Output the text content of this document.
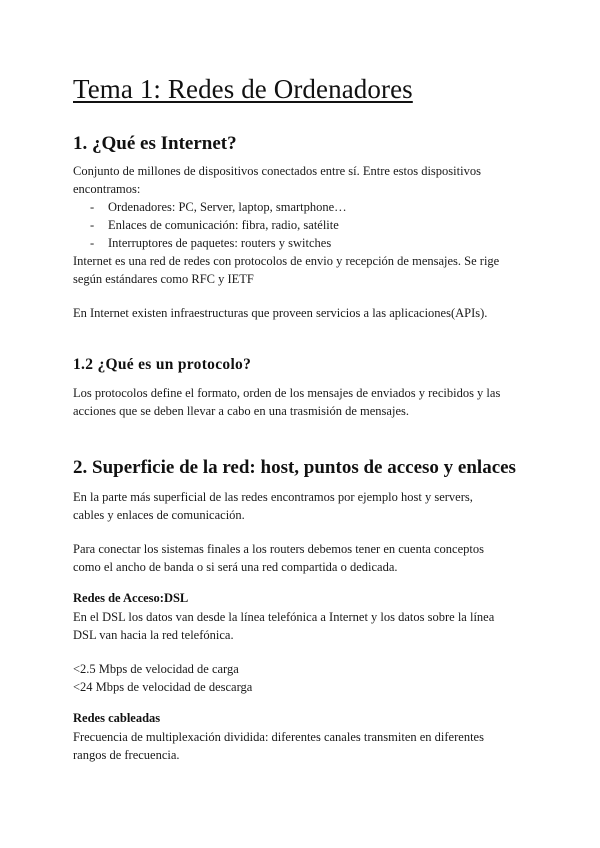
Tema 1: Redes de Ordenadores
1. ¿Qué es Internet?
Conjunto de millones de dispositivos conectados entre sí. Entre estos dispositivos
encontramos:
- Ordenadores: PC, Server, laptop, smartphone…
- Enlaces de comunicación: fibra, radio, satélite
- Interruptores de paquetes: routers y switches
Internet es una red de redes con protocolos de envio y recepción de mensajes. Se rige
según estándares como RFC y IETF
En Internet existen infraestructuras que proveen servicios a las aplicaciones(APIs).
1.2 ¿Qué es un protocolo?
Los protocolos define el formato, orden de los mensajes de enviados y recibidos y las
acciones que se deben llevar a cabo en una trasmisión de mensajes.
2. Superficie de la red: host, puntos de acceso y enlaces
En la parte más superficial de las redes encontramos por ejemplo host y servers,
cables y enlaces de comunicación.
Para conectar los sistemas finales a los routers debemos tener en cuenta conceptos
como el ancho de banda o si será una red compartida o dedicada.
Redes de Acceso:DSL
En el DSL los datos van desde la línea telefónica a Internet y los datos sobre la línea
DSL van hacia la red telefónica.
<2.5 Mbps de velocidad de carga
<24 Mbps de velocidad de descarga
Redes cableadas
Frecuencia de multiplexación dividida: diferentes canales transmiten en diferentes
rangos de frecuencia.
